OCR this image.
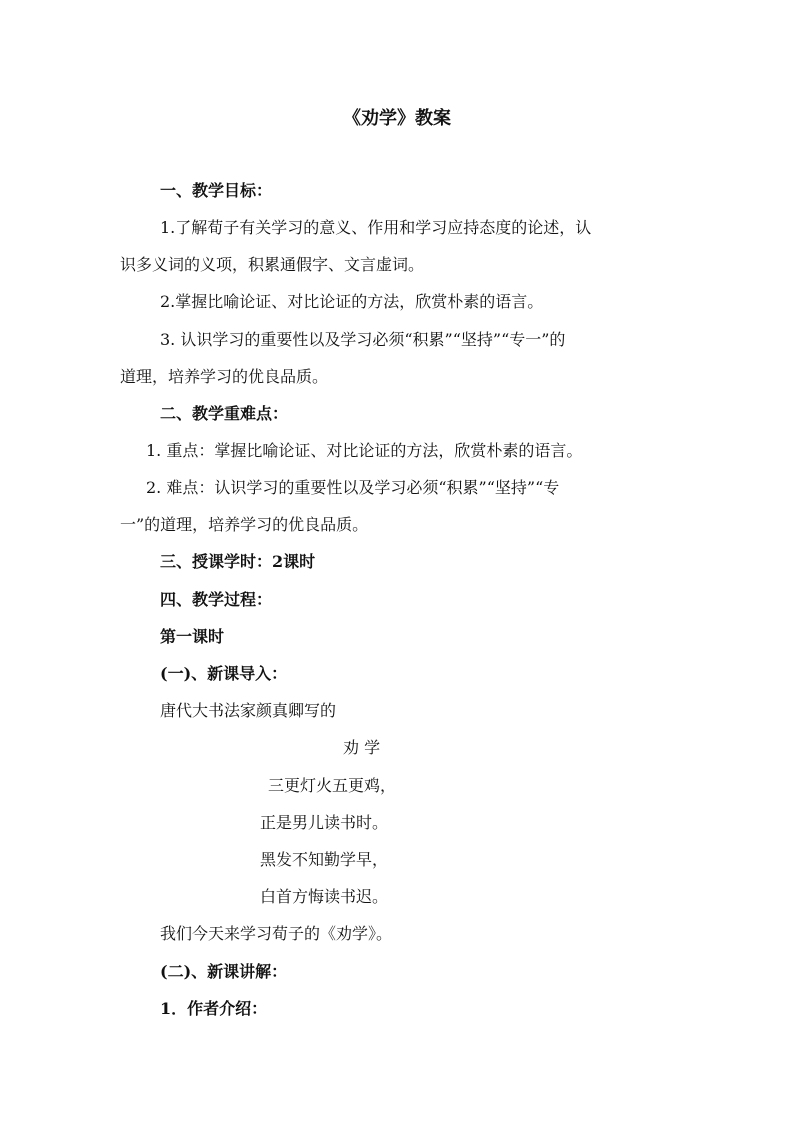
《劝学》教案
一、教学目标：
1.了解荀子有关学习的意义、作用和学习应持态度的论述，认
识多义词的义项，积累通假字、文言虚词。
2.掌握比喻论证、对比论证的方法，欣赏朴素的语言。
3. 认识学习的重要性以及学习必须“积累”“坚持”“专一”的
道理，培养学习的优良品质。
二、教学重难点：
1. 重点：掌握比喻论证、对比论证的方法，欣赏朴素的语言。
2. 难点：认识学习的重要性以及学习必须“积累”“坚持”“专
一”的道理，培养学习的优良品质。
三、授课学时：2课时
四、教学过程：
第一课时
(一)、新课导入：
唐代大书法家颜真卿写的
劝 学
三更灯火五更鸡，
正是男儿读书时。
黑发不知勤学早，
白首方悔读书迟。
我们今天来学习荀子的《劝学》。
(二)、新课讲解：
1．作者介绍：
